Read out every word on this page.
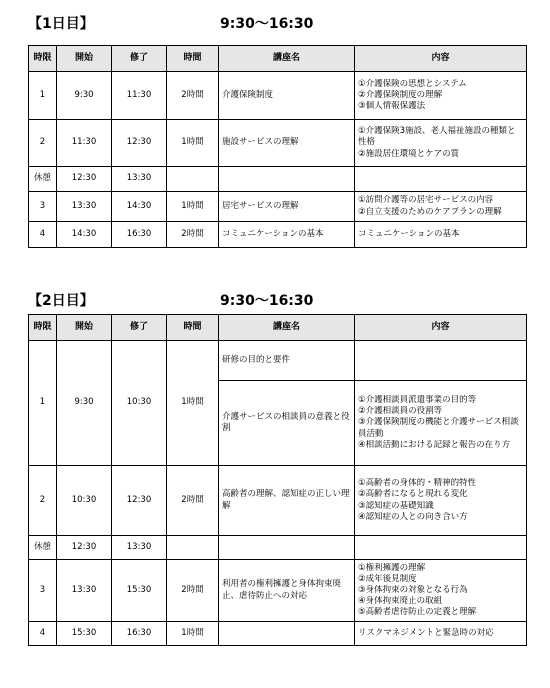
【1日目】	9:30〜16:30
時限	開始	修了	時間	講座名	内容
1	9:30	11:30	2時間	介護保険制度	①介護保険の思想とシステム
②介護保険制度の理解
③個人情報保護法

2	11:30	12:30	1時間	施設サービスの理解	①介護保険3施設、老人福祉施設の種類と性格
②施設居住環境とケアの質

休憩	12:30	13:30			
3	13:30	14:30	1時間	居宅サービスの理解	①訪問介護等の居宅サービスの内容
②自立支援のためのケアプランの理解

4	14:30	16:30	2時間	コミュニケーションの基本	コミュニケーションの基本
【2日目】	9:30〜16:30
時限	開始	修了	時間	講座名	内容
1	9:30	10:30	1時間	研修の目的と要件	
				介護サービスの相談員の意義と役割	①介護相談員派遣事業の目的等
②介護相談員の役割等
③介護保険制度の機能と介護サービス相談員活動
④相談活動における記録と報告の在り方

2	10:30	12:30	2時間	高齢者の理解、認知症の正しい理解	①高齢者の身体的・精神的特性
②高齢者になると現れる変化
③認知症の基礎知識
④認知症の人との向き合い方

休憩	12:30	13:30			
3	13:30	15:30	2時間	利用者の権利擁護と身体拘束廃止、虐待防止への対応	①権利擁護の理解
②成年後見制度
③身体拘束の対象となる行為
④身体拘束廃止の取組
⑤高齢者虐待防止の定義と理解

4	15:30	16:30	1時間		リスクマネジメントと緊急時の対応
